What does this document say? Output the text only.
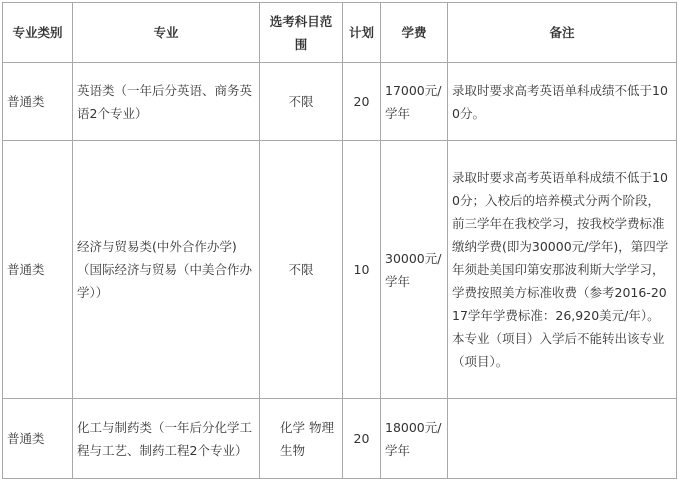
专业类别	专业	选考科目范围	计划	学费	备注
普通类	英语类（一年后分英语、商务英语2个专业）	不限	20	17000元/学年	录取时要求高考英语单科成绩不低于100分。
普通类	经济与贸易类(中外合作办学)（国际经济与贸易（中美合作办学））	不限	10	30000元/学年	录取时要求高考英语单科成绩不低于100分；入校后的培养模式分两个阶段，前三学年在我校学习，按我校学费标准缴纳学费(即为30000元/学年)，第四学年须赴美国印第安那波利斯大学学习，学费按照美方标准收费（参考2016-2017学年学费标准：26,920美元/年）。本专业（项目）入学后不能转出该专业（项目）。
普通类	化工与制药类（一年后分化学工程与工艺、制药工程2个专业）	化学 物理 生物	20	18000元/学年	
